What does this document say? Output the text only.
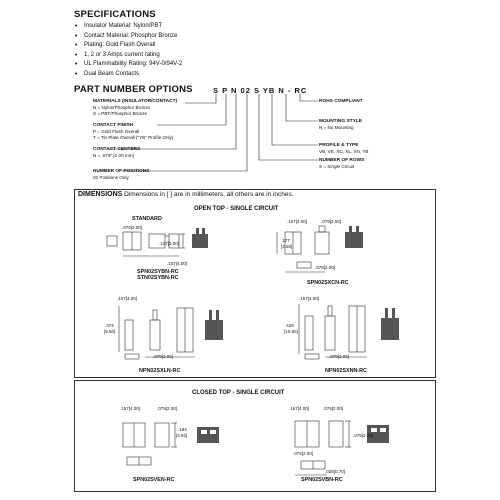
SPECIFICATIONS
• Insulator Material: Nylon/PBT
• Contact Material: Phosphor Bronze
• Plating: Gold Flash Overall
• 1, 2 or 3 Amps current rating
• UL Flammability Rating: 94V-0/94V-2
• Dual Beam Contacts
PART NUMBER OPTIONS	S P N 02 S YB N - RC
MATERIALS (INSULATOR/CONTACT)
N = Nylon/Phosphor Bronze
S = PBT/Phosphor Bronze
CONTACT FINISH
P = Gold Flash Overall
T = Tin Plate Overall ("YB" Profile Only)
CONTACT CENTERS
N = .079" [2.00 mm]
NUMBER OF POSITIONS
02 Positions Only
ROHS COMPLIANT
MOUNTING STYLE
N = No Mounting
PROFILE & TYPE
VB, VE, XC, XL, XN, YB
NUMBER OF ROWS
S = Single Circuit
DIMENSIONS Dimensions in [ ] are in millimeters, all others are in inches.
OPEN TOP - SINGLE CIRCUIT
STANDARD
.079[2.00]
.137[3.50]
.157[4.00]
SPN02SYBN-RC
STN02SYBN-RC
.157[4.00]	.079[2.00]
.177
[4.50]
.079[2.00]
SPN02SXCN-RC
.157[4.00]
.374
[9.50]
.079[2.00]
NPN02SXLN-RC
.157[4.00]
.429
[10.90]
.079[2.00]
NPN02SXNN-RC
CLOSED TOP - SINGLE CIRCUIT
.157[4.00]	.079[2.00]
.194
[4.92]
SPN02SVEN-RC
.157[4.00]	.079[2.00]
.079[2.00]
.079[2.00]
.028[0.70]
SPN02SVBN-RC
